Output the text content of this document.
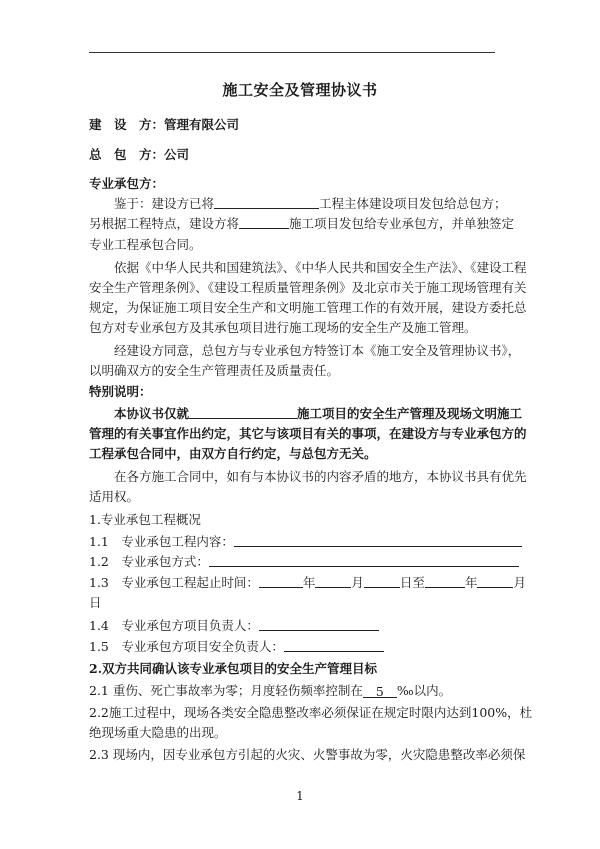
施工安全及管理协议书
建　设　方：管理有限公司
总　包　方：公司
专业承包方：
鉴于：建设方已将	工程主体建设项目发包给总包方；
另根据工程特点，建设方将	施工项目发包给专业承包方，并单独签定
专业工程承包合同。
依据《中华人民共和国建筑法》、《中华人民共和国安全生产法》、《建设工程
安全生产管理条例》、《建设工程质量管理条例》及北京市关于施工现场管理有关
规定，为保证施工项目安全生产和文明施工管理工作的有效开展，建设方委托总
包方对专业承包方及其承包项目进行施工现场的安全生产及施工管理。
经建设方同意，总包方与专业承包方特签订本《施工安全及管理协议书》，
以明确双方的安全生产管理责任及质量责任。
特别说明：
本协议书仅就	施工项目的安全生产管理及现场文明施工
管理的有关事宜作出约定，其它与该项目有关的事项，在建设方与专业承包方的
工程承包合同中，由双方自行约定，与总包方无关。
在各方施工合同中，如有与本协议书的内容矛盾的地方，本协议书具有优先
适用权。
1.专业承包工程概况
1.1　专业承包工程内容：
1.2　专业承包方式：
1.3　专业承包工程起止时间：	年	月	日至	年	月
日
1.4　专业承包方项目负责人：
1.5　专业承包方项目安全负责人：
2.双方共同确认该专业承包项目的安全生产管理目标
2.1 重伤、死亡事故率为零；月度轻伤频率控制在 5 ‰以内。
2.2施工过程中，现场各类安全隐患整改率必须保证在规定时限内达到100%，杜
绝现场重大隐患的出现。
2.3 现场内，因专业承包方引起的火灾、火警事故为零，火灾隐患整改率必须保
1
